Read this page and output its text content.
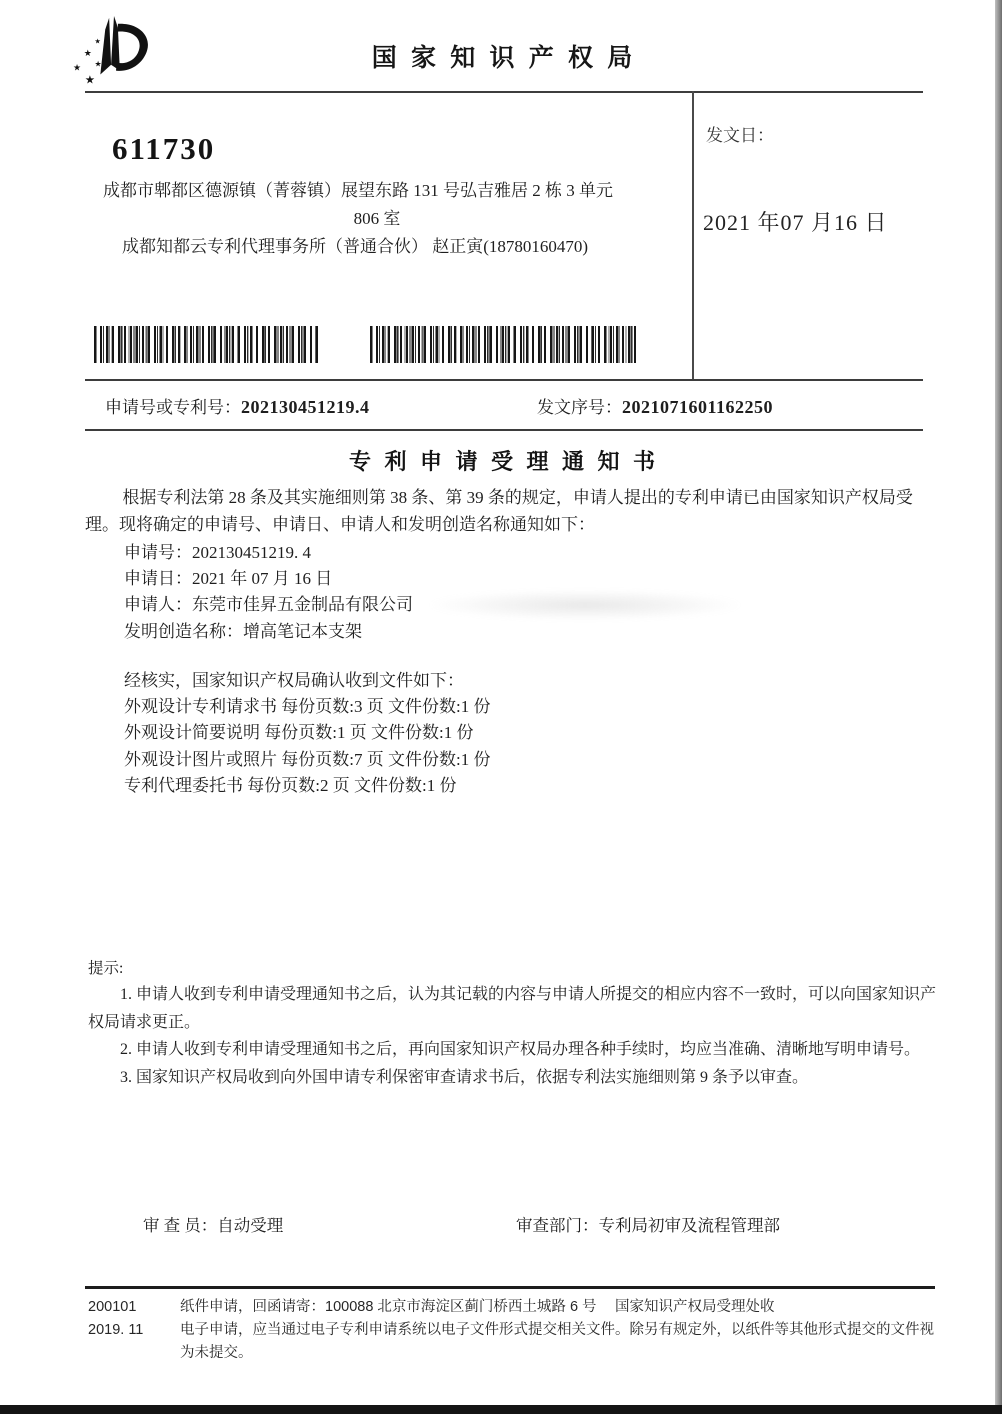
★
★
★
★
★
国 家 知 识 产 权 局
611730
成都市郫都区德源镇（菁蓉镇）展望东路 131 号弘吉雅居 2 栋 3 单元
806 室
成都知都云专利代理事务所（普通合伙） 赵正寅(18780160470)
发文日：
2021 年07 月16 日
申请号或专利号：202130451219.4	发文序号：2021071601162250
专 利 申 请 受 理 通 知 书
根据专利法第 28 条及其实施细则第 38 条、第 39 条的规定，申请人提出的专利申请已由国家知识产权局受理。现将确定的申请号、申请日、申请人和发明创造名称通知如下：
申请号：202130451219. 4
申请日：2021 年 07 月 16 日
申请人：东莞市佳昇五金制品有限公司
发明创造名称：增高笔记本支架
经核实，国家知识产权局确认收到文件如下：
外观设计专利请求书 每份页数:3 页 文件份数:1 份
外观设计简要说明 每份页数:1 页 文件份数:1 份
外观设计图片或照片 每份页数:7 页 文件份数:1 份
专利代理委托书 每份页数:2 页 文件份数:1 份
提示:
1. 申请人收到专利申请受理通知书之后，认为其记载的内容与申请人所提交的相应内容不一致时，可以向国家知识产权局请求更正。
2. 申请人收到专利申请受理通知书之后，再向国家知识产权局办理各种手续时，均应当准确、清晰地写明申请号。
3. 国家知识产权局收到向外国申请专利保密审查请求书后，依据专利法实施细则第 9 条予以审查。
审 查 员：自动受理	审查部门：专利局初审及流程管理部
200101
2019. 11
纸件申请，回函请寄：100088 北京市海淀区蓟门桥西土城路 6 号　 国家知识产权局受理处收
电子申请，应当通过电子专利申请系统以电子文件形式提交相关文件。除另有规定外，以纸件等其他形式提交的文件视为未提交。
